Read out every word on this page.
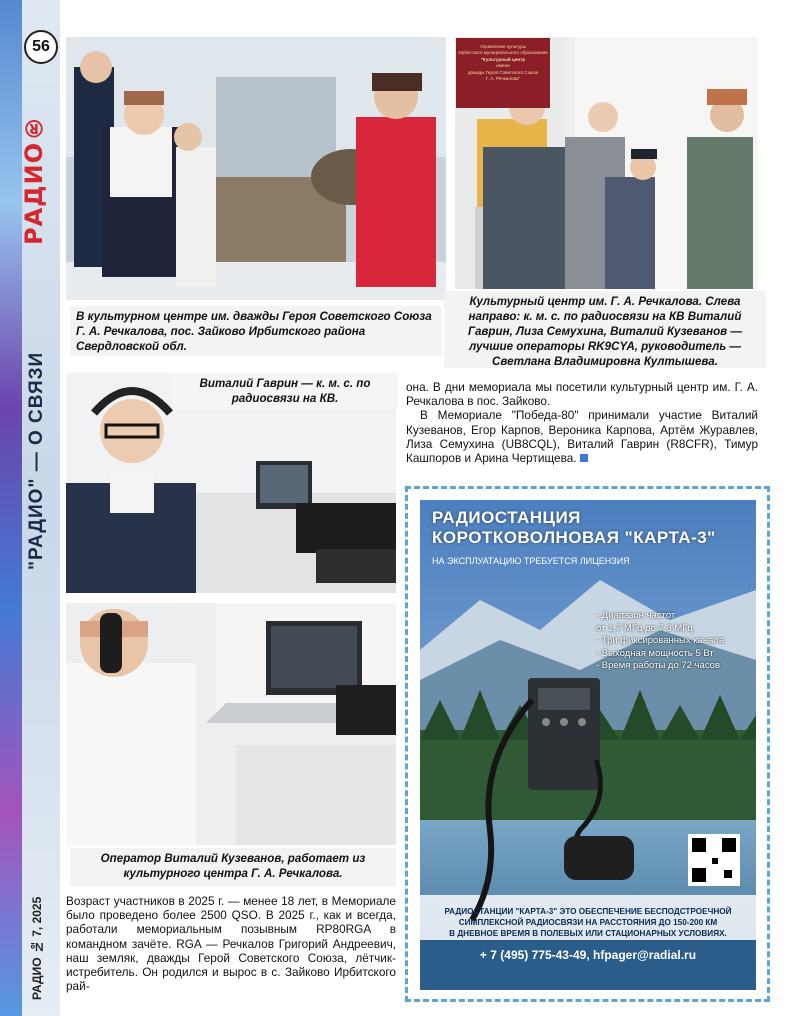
56
РАДИО®
"РАДИО" — О СВЯЗИ
РАДИО № 7, 2025
В культурном центре им. дважды Героя Советского Союза Г. А. Речкалова, пос. Зайково Ирбитского района Свердловской обл.
Управление культуры
Ирбитского муниципального образования
"Культурный центр
имени
дважды Героя Советского Союза
Г. А. Речкалова"
Культурный центр им. Г. А. Речкалова. Слева направо: к. м. с. по радиосвязи на КВ Виталий Гаврин, Лиза Семухина, Виталий Кузеванов — лучшие операторы RK9CYA, руководитель — Светлана Владимировна Култышева.
Виталий Гаврин — к. м. с. по радиосвязи на КВ.
Оператор Виталий Кузеванов, работает из культурного центра Г. А. Речкалова.

Возраст участников в 2025 г. — менее 18 лет, в Мемориале было проведено более 2500 QSO. В 2025 г., как и всегда, работали мемориальным позывным RP80RGA в командном зачёте. RGA — Речкалов Григорий Андреевич, наш земляк, дважды Герой Советского Союза, лётчик-истребитель. Он родился и вырос в с. Зайково Ирбитского рай-

она. В дни мемориала мы посетили культурный центр им. Г. А. Речкалова в пос. Зайково.

В Мемориале "Победа-80" принимали участие Виталий Кузеванов, Егор Карпов, Вероника Карпова, Артём Журавлев, Лиза Семухина (UB8CQL), Виталий Гаврин (R8CFR), Тимур Кашпоров и Арина Чертищева.

РАДИОСТАНЦИЯ
КОРОТКОВОЛНОВАЯ "КАРТА-3"
НА ЭКСПЛУАТАЦИЮ ТРЕБУЕТСЯ ЛИЦЕНЗИЯ
- Диапазон частот
от 1,7 МГц до 7,3 МГц
- Три фиксированных канала
- Выходная мощность 5 Вт
- Время работы до 72 часов
РАДИОСТАНЦИИ "КАРТА-3" ЭТО ОБЕСПЕЧЕНИЕ БЕСПОДСТРОЕЧНОЙ
СИМПЛЕКСНОЙ РАДИОСВЯЗИ НА РАССТОЯНИЯ ДО 150-200 КМ
В ДНЕВНОЕ ВРЕМЯ В ПОЛЕВЫХ ИЛИ СТАЦИОНАРНЫХ УСЛОВИЯХ.
+ 7 (495) 775-43-49, hfpager@radial.ru
